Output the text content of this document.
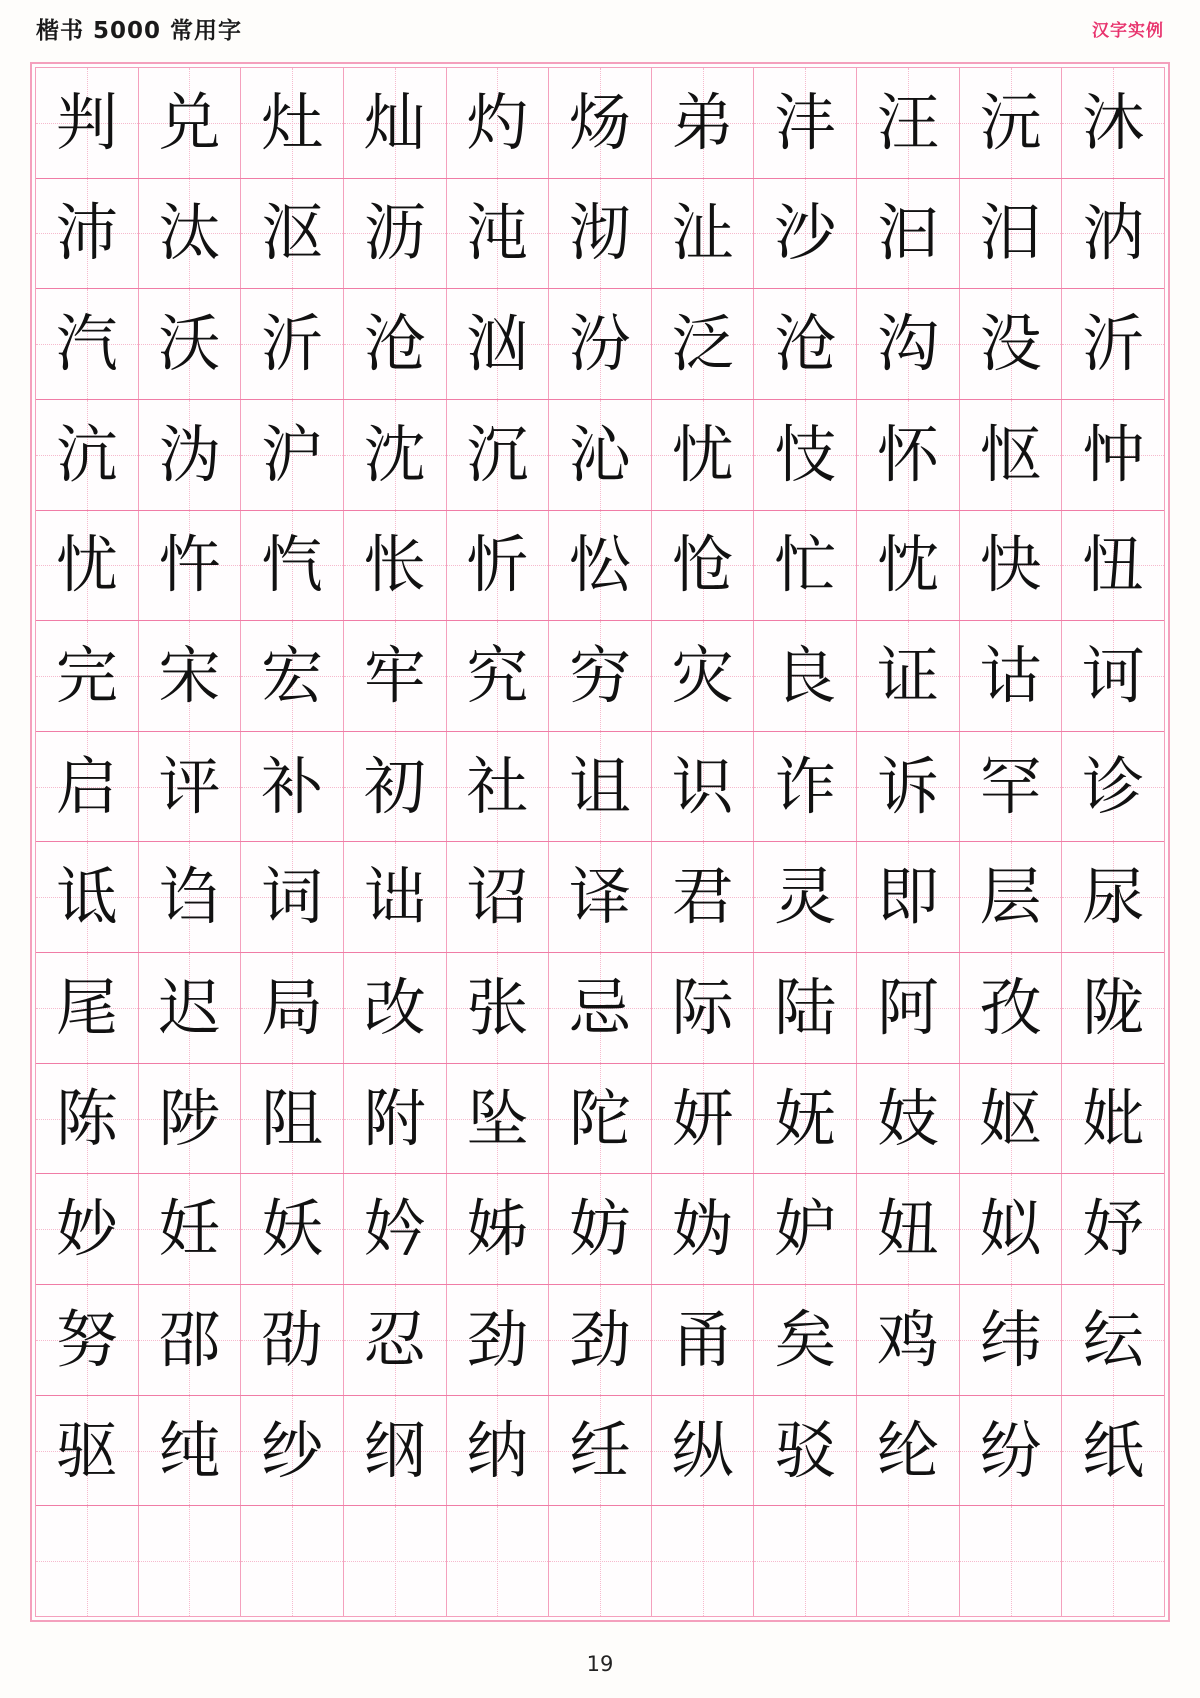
楷书 5000 常用字	汉字实例
判 兑 灶 灿 灼 炀 弟 沣 汪 沅 沐
沛 汰 沤 沥 沌 沏 沚 沙 汩 汨 汭
汽 沃 沂 沧 汹 汾 泛 沧 沟 没 沂
沆 沩 沪 沈 沉 沁 忧 忮 怀 怄 忡
忧 忤 忾 怅 忻 忪 怆 忙 忱 快 忸
完 宋 宏 牢 究 穷 灾 良 证 诂 诃
启 评 补 初 社 诅 识 诈 诉 罕 诊
诋 诌 词 诎 诏 译 君 灵 即 层 尿
尾 迟 局 改 张 忌 际 陆 阿 孜 陇
陈 陟 阻 附 坠 陀 妍 妩 妓 妪 妣
妙 妊 妖 妗 姊 妨 妫 妒 妞 姒 妤
努 邵 劭 忍 劲 劲 甬 矣 鸡 纬 纭
驱 纯 纱 纲 纳 纴 纵 驳 纶 纷 纸
19
